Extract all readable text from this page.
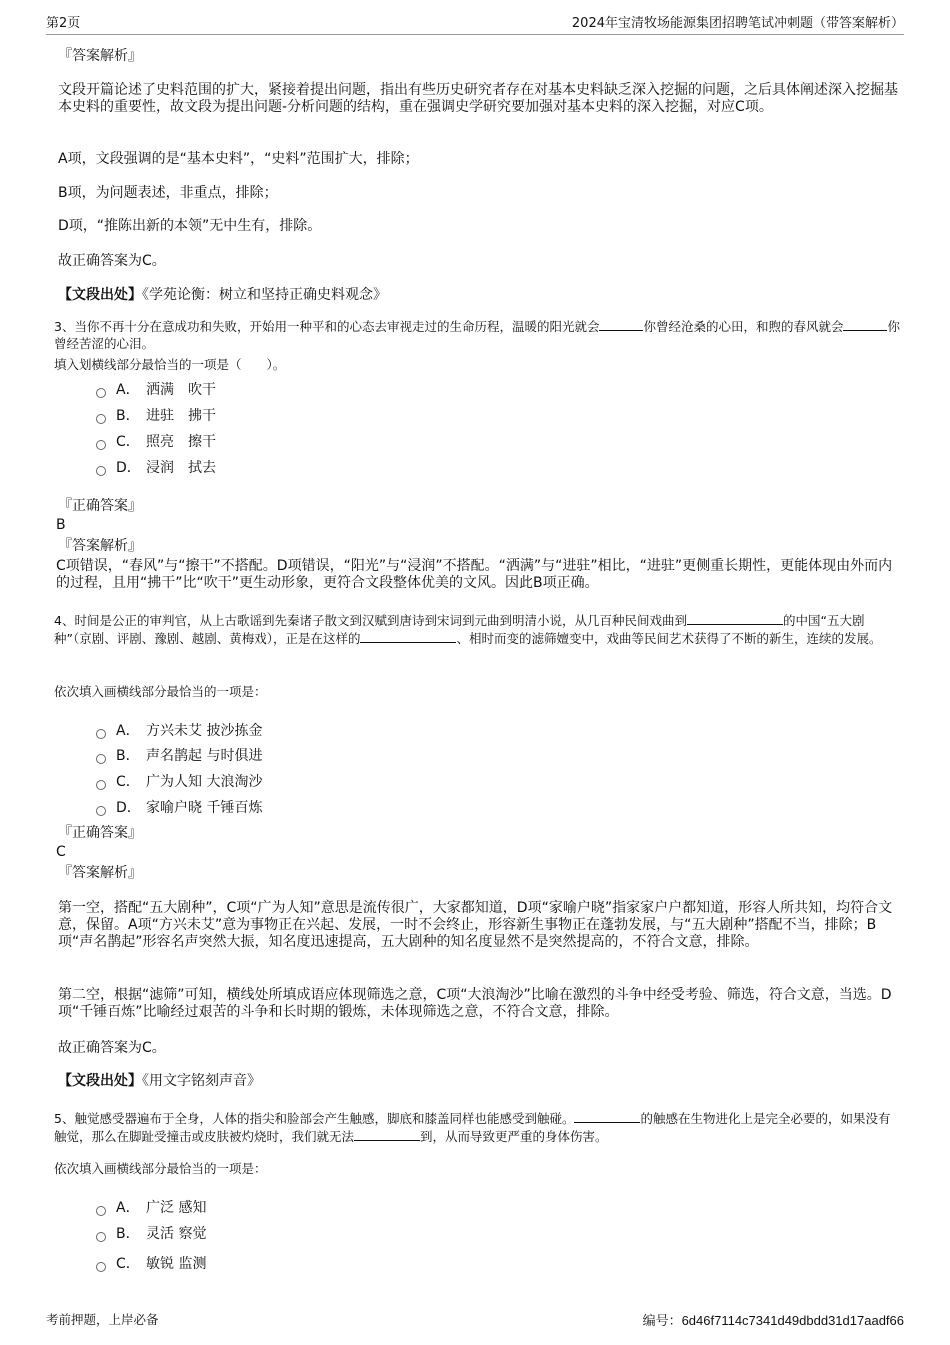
第2页	2024年宝清牧场能源集团招聘笔试冲刺题（带答案解析）
『答案解析』
文段开篇论述了史料范围的扩大，紧接着提出问题，指出有些历史研究者存在对基本史料缺乏深入挖掘的问题，之后具体阐述深入挖掘基本史料的重要性，故文段为提出问题-分析问题的结构，重在强调史学研究要加强对基本史料的深入挖掘，对应C项。
A项，文段强调的是“基本史料”，“史料”范围扩大，排除；
B项，为问题表述，非重点，排除；
D项，“推陈出新的本领”无中生有，排除。
故正确答案为C。
【文段出处】《学苑论衡：树立和坚持正确史料观念》
3、当你不再十分在意成功和失败，开始用一种平和的心态去审视走过的生命历程，温暖的阳光就会	你曾经沧桑的心田，和煦的春风就会	你曾经苦涩的心泪。
填入划横线部分最恰当的一项是（　　）。
A． 洒满　吹干
B． 进驻　拂干
C． 照亮　擦干
D． 浸润　拭去
『正确答案』
B
『答案解析』
C项错误，“春风”与“擦干”不搭配。D项错误，“阳光”与“浸润”不搭配。“洒满”与“进驻”相比，“进驻”更侧重长期性，更能体现由外而内的过程，且用“拂干”比“吹干”更生动形象，更符合文段整体优美的文风。因此B项正确。
4、时间是公正的审判官，从上古歌谣到先秦诸子散文到汉赋到唐诗到宋词到元曲到明清小说，从几百种民间戏曲到	的中国“五大剧种”（京剧、评剧、豫剧、越剧、黄梅戏），正是在这样的	、相时而变的滤筛嬗变中，戏曲等民间艺术获得了不断的新生，连续的发展。
依次填入画横线部分最恰当的一项是：
A． 方兴未艾 披沙拣金
B． 声名鹊起 与时俱进
C． 广为人知 大浪淘沙
D． 家喻户晓 千锤百炼
『正确答案』
C
『答案解析』
第一空，搭配“五大剧种”，C项“广为人知”意思是流传很广，大家都知道，D项“家喻户晓”指家家户户都知道，形容人所共知，均符合文意，保留。A项“方兴未艾”意为事物正在兴起、发展，一时不会终止，形容新生事物正在蓬勃发展，与“五大剧种”搭配不当，排除；B项“声名鹊起”形容名声突然大振，知名度迅速提高，五大剧种的知名度显然不是突然提高的，不符合文意，排除。
第二空，根据“滤筛”可知，横线处所填成语应体现筛选之意，C项“大浪淘沙”比喻在激烈的斗争中经受考验、筛选，符合文意，当选。D项“千锤百炼”比喻经过艰苦的斗争和长时期的锻炼，未体现筛选之意，不符合文意，排除。
故正确答案为C。
【文段出处】《用文字铭刻声音》
5、触觉感受器遍布于全身，人体的指尖和脸部会产生触感，脚底和膝盖同样也能感受到触碰。	的触感在生物进化上是完全必要的，如果没有触觉，那么在脚趾受撞击或皮肤被灼烧时，我们就无法	到，从而导致更严重的身体伤害。
依次填入画横线部分最恰当的一项是：
A． 广泛 感知
B． 灵活 察觉
C． 敏锐 监测
考前押题，上岸必备	编号：6d46f7114c7341d49dbdd31d17aadf66
